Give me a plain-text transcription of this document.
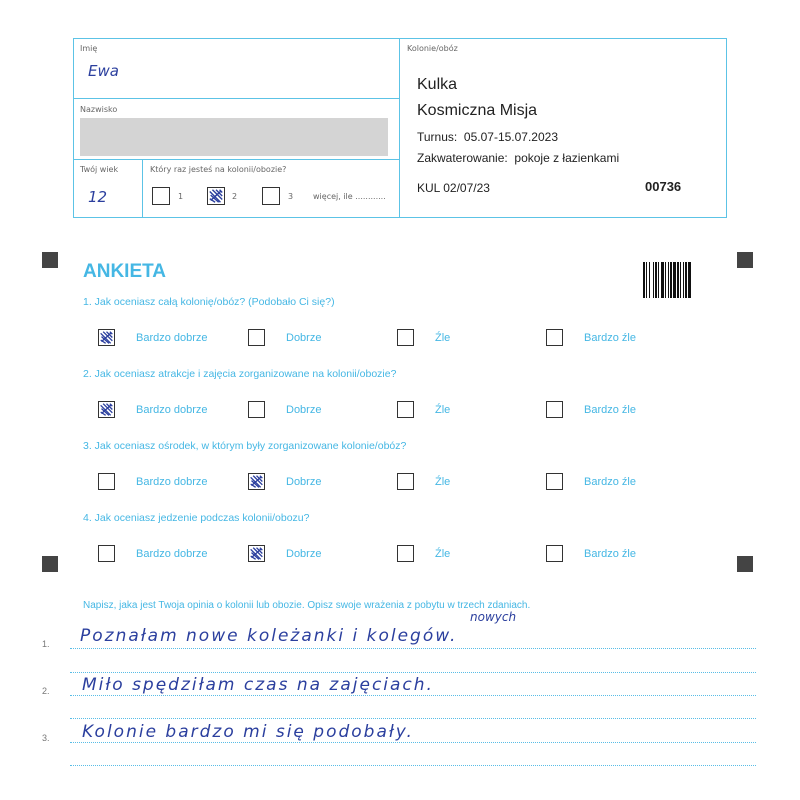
Imię
Ewa
Nazwisko
Twój wiek
12
Który raz jesteś na kolonii/obozie?
1	2	3 więcej, ile ............
Kolonie/obóz
Kulka
Kosmiczna Misja
Turnus: 05.07-15.07.2023
Zakwaterowanie: pokoje z łazienkami
KUL 02/07/23	00736
ANKIETA
1. Jak oceniasz całą kolonię/obóz? (Podobało Ci się?)
Bardzo dobrze	Dobrze	Źle	Bardzo źle
2. Jak oceniasz atrakcje i zajęcia zorganizowane na kolonii/obozie?
Bardzo dobrze	Dobrze	Źle	Bardzo źle
3. Jak oceniasz ośrodek, w którym były zorganizowane kolonie/obóz?
Bardzo dobrze	Dobrze	Źle	Bardzo źle
4. Jak oceniasz jedzenie podczas kolonii/obozu?
Bardzo dobrze	Dobrze	Źle	Bardzo źle
Napisz, jaka jest Twoja opinia o kolonii lub obozie. Opisz swoje wrażenia z pobytu w trzech zdaniach.
1.
2.
3.
Poznałam nowe koleżanki i kolegów.
nowych
Miło spędziłam czas na zajęciach.
Kolonie bardzo mi się podobały.
